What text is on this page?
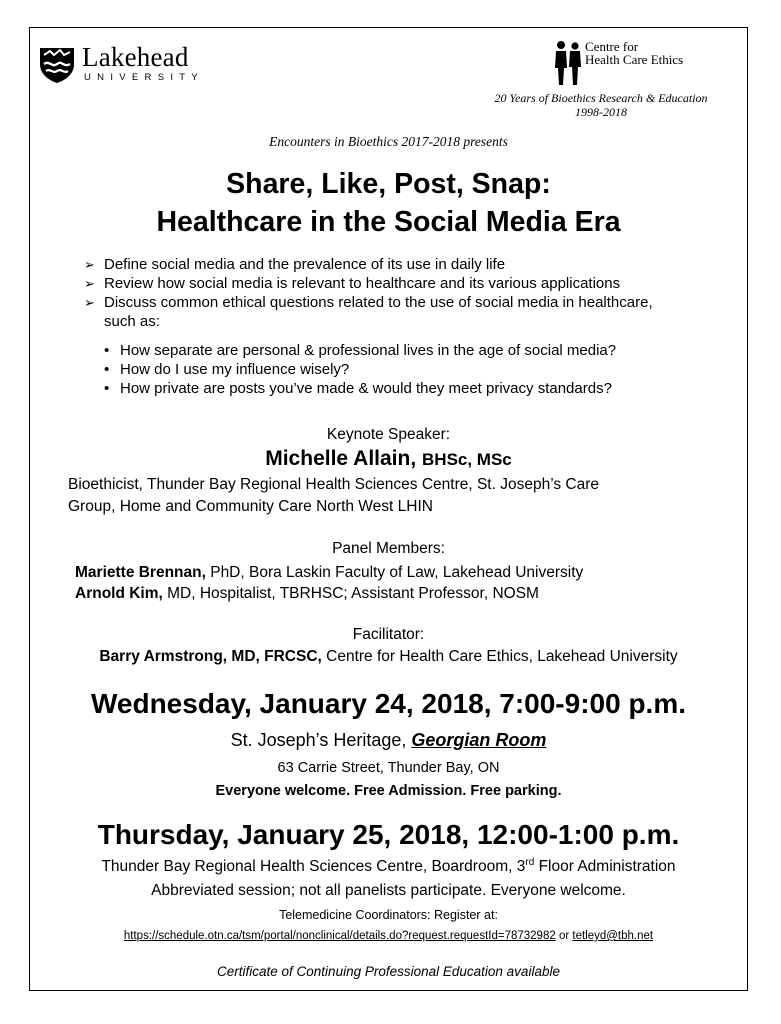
Lakehead
UNIVERSITY
Centre for
Health Care Ethics
20 Years of Bioethics Research & Education
1998-2018
Encounters in Bioethics 2017-2018 presents
Share, Like, Post, Snap:
Healthcare in the Social Media Era
➢ Define social media and the prevalence of its use in daily life
➢ Review how social media is relevant to healthcare and its various applications
➢ Discuss common ethical questions related to the use of social media in healthcare, such as:
• How separate are personal & professional lives in the age of social media?
• How do I use my influence wisely?
• How private are posts you’ve made & would they meet privacy standards?
Keynote Speaker:
Michelle Allain, BHSc, MSc
Bioethicist, Thunder Bay Regional Health Sciences Centre, St. Joseph’s Care
Group, Home and Community Care North West LHIN
Panel Members:
Mariette Brennan, PhD, Bora Laskin Faculty of Law, Lakehead University
Arnold Kim, MD, Hospitalist, TBRHSC; Assistant Professor, NOSM
Facilitator:
Barry Armstrong, MD, FRCSC, Centre for Health Care Ethics, Lakehead University
Wednesday, January 24, 2018, 7:00-9:00 p.m.
St. Joseph’s Heritage, Georgian Room
63 Carrie Street, Thunder Bay, ON
Everyone welcome. Free Admission. Free parking.
Thursday, January 25, 2018, 12:00-1:00 p.m.
Thunder Bay Regional Health Sciences Centre, Boardroom, 3rd Floor Administration
Abbreviated session; not all panelists participate. Everyone welcome.
Telemedicine Coordinators: Register at:
https://schedule.otn.ca/tsm/portal/nonclinical/details.do?request.requestId=78732982 or tetleyd@tbh.net
Certificate of Continuing Professional Education available
